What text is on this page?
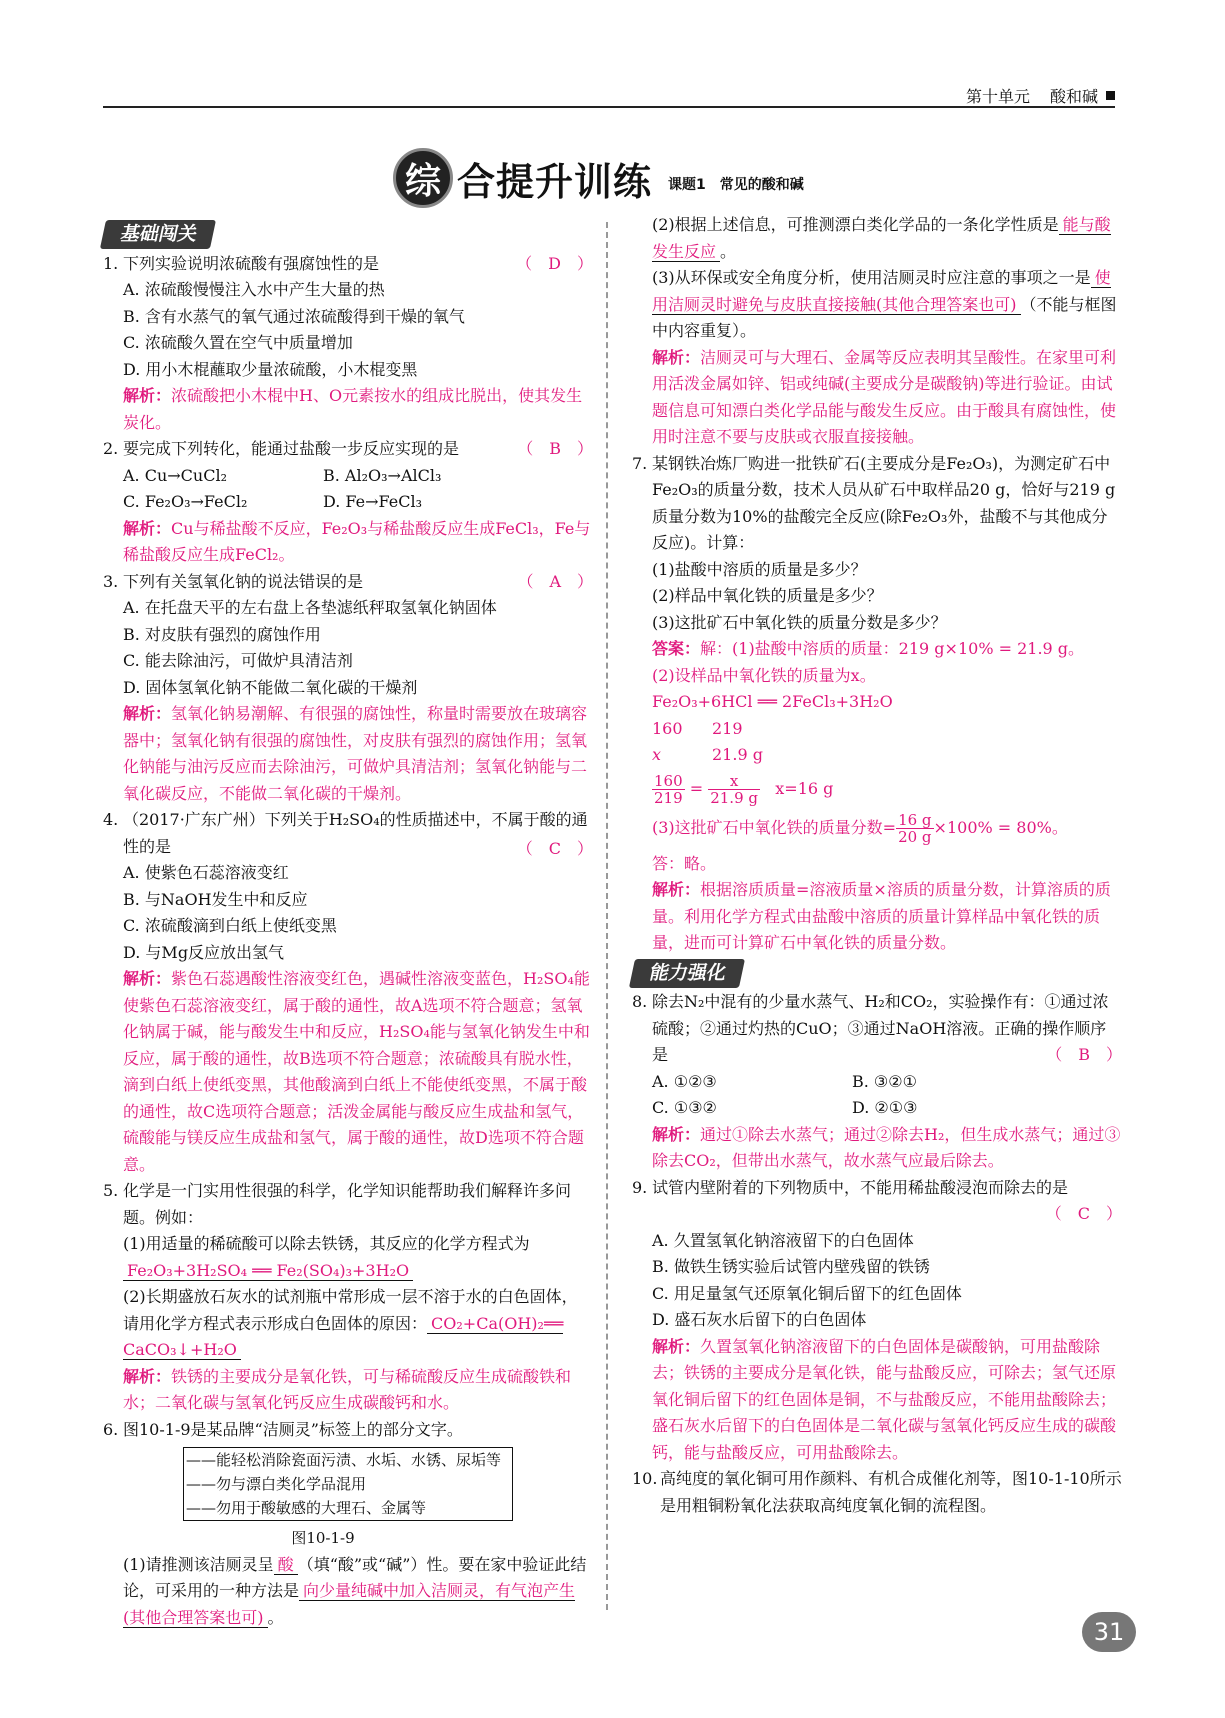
第十单元 酸和碱
综 合提升训练 课题1　常见的酸和碱
基础闯关
1. 下列实验说明浓硫酸有强腐蚀性的是	（　D　）
A. 浓硫酸慢慢注入水中产生大量的热
B. 含有水蒸气的氧气通过浓硫酸得到干燥的氧气
C. 浓硫酸久置在空气中质量增加
D. 用小木棍蘸取少量浓硫酸，小木棍变黑
解析：浓硫酸把小木棍中H、O元素按水的组成比脱出，使其发生炭化。
2. 要完成下列转化，能通过盐酸一步反应实现的是	（　B　）
A. Cu→CuCl₂	B. Al₂O₃→AlCl₃
C. Fe₂O₃→FeCl₂	D. Fe→FeCl₃
解析：Cu与稀盐酸不反应，Fe₂O₃与稀盐酸反应生成FeCl₃，Fe与稀盐酸反应生成FeCl₂。
3. 下列有关氢氧化钠的说法错误的是	（　A　）
A. 在托盘天平的左右盘上各垫滤纸秤取氢氧化钠固体
B. 对皮肤有强烈的腐蚀作用
C. 能去除油污，可做炉具清洁剂
D. 固体氢氧化钠不能做二氧化碳的干燥剂
解析：氢氧化钠易潮解、有很强的腐蚀性，称量时需要放在玻璃容器中；氢氧化钠有很强的腐蚀性，对皮肤有强烈的腐蚀作用；氢氧化钠能与油污反应而去除油污，可做炉具清洁剂；氢氧化钠能与二氧化碳反应，不能做二氧化碳的干燥剂。
4. （2017·广东广州）下列关于H₂SO₄的性质描述中，不属于酸的通性的是	（　C　）
A. 使紫色石蕊溶液变红
B. 与NaOH发生中和反应
C. 浓硫酸滴到白纸上使纸变黑
D. 与Mg反应放出氢气
解析：紫色石蕊遇酸性溶液变红色，遇碱性溶液变蓝色，H₂SO₄能使紫色石蕊溶液变红，属于酸的通性，故A选项不符合题意；氢氧化钠属于碱，能与酸发生中和反应，H₂SO₄能与氢氧化钠发生中和反应，属于酸的通性，故B选项不符合题意；浓硫酸具有脱水性，滴到白纸上使纸变黑，其他酸滴到白纸上不能使纸变黑，不属于酸的通性，故C选项符合题意；活泼金属能与酸反应生成盐和氢气，硫酸能与镁反应生成盐和氢气，属于酸的通性，故D选项不符合题意。
5. 化学是一门实用性很强的科学，化学知识能帮助我们解释许多问题。例如：
(1)用适量的稀硫酸可以除去铁锈，其反应的化学方程式为
Fe₂O₃+3H₂SO₄ ══ Fe₂(SO₄)₃+3H₂O
(2)长期盛放石灰水的试剂瓶中常形成一层不溶于水的白色固体，请用化学方程式表示形成白色固体的原因： CO₂+Ca(OH)₂══ CaCO₃↓+H₂O
解析：铁锈的主要成分是氧化铁，可与稀硫酸反应生成硫酸铁和水；二氧化碳与氢氧化钙反应生成碳酸钙和水。
6. 图10-1-9是某品牌“洁厕灵”标签上的部分文字。
——能轻松消除瓷面污渍、水垢、水锈、尿垢等
——勿与漂白类化学品混用
——勿用于酸敏感的大理石、金属等
图10-1-9
(1)请推测该洁厕灵呈 酸 （填“酸”或“碱”）性。要在家中验证此结论，可采用的一种方法是 向少量纯碱中加入洁厕灵，有气泡产生(其他合理答案也可) 。
(2)根据上述信息，可推测漂白类化学品的一条化学性质是 能与酸发生反应 。
(3)从环保或安全角度分析，使用洁厕灵时应注意的事项之一是 使用洁厕灵时避免与皮肤直接接触(其他合理答案也可) （不能与框图中内容重复）。
解析：洁厕灵可与大理石、金属等反应表明其呈酸性。在家里可利用活泼金属如锌、铝或纯碱(主要成分是碳酸钠)等进行验证。由试题信息可知漂白类化学品能与酸发生反应。由于酸具有腐蚀性，使用时注意不要与皮肤或衣服直接接触。
7. 某钢铁冶炼厂购进一批铁矿石(主要成分是Fe₂O₃)，为测定矿石中Fe₂O₃的质量分数，技术人员从矿石中取样品20 g，恰好与219 g质量分数为10%的盐酸完全反应(除Fe₂O₃外，盐酸不与其他成分反应)。计算：
(1)盐酸中溶质的质量是多少？
(2)样品中氧化铁的质量是多少？
(3)这批矿石中氧化铁的质量分数是多少？
答案：解：(1)盐酸中溶质的质量：219 g×10% = 21.9 g。
(2)设样品中氧化铁的质量为x。
Fe₂O₃+6HCl ══ 2FeCl₃+3H₂O
160	219
x	21.9 g
$\frac{160}{219} = \frac{x}{21.9 g} x=16$ g
(3)这批矿石中氧化铁的质量分数= $\frac{16 g}{20 g} \times 100\% = 80\%$。
答：略。
解析：根据溶质质量=溶液质量×溶质的质量分数，计算溶质的质量。利用化学方程式由盐酸中溶质的质量计算样品中氧化铁的质量，进而可计算矿石中氧化铁的质量分数。
能力强化
8. 除去N₂中混有的少量水蒸气、H₂和CO₂，实验操作有：①通过浓硫酸；②通过灼热的CuO；③通过NaOH溶液。正确的操作顺序是	（　B　）
A. ①②③	B. ③②①
C. ①③②	D. ②①③
解析：通过①除去水蒸气；通过②除去H₂，但生成水蒸气；通过③除去CO₂，但带出水蒸气，故水蒸气应最后除去。
9. 试管内壁附着的下列物质中，不能用稀盐酸浸泡而除去的是
（　C　）
A. 久置氢氧化钠溶液留下的白色固体
B. 做铁生锈实验后试管内壁残留的铁锈
C. 用足量氢气还原氧化铜后留下的红色固体
D. 盛石灰水后留下的白色固体
解析：久置氢氧化钠溶液留下的白色固体是碳酸钠，可用盐酸除去；铁锈的主要成分是氧化铁，能与盐酸反应，可除去；氢气还原氧化铜后留下的红色固体是铜，不与盐酸反应，不能用盐酸除去；盛石灰水后留下的白色固体是二氧化碳与氢氧化钙反应生成的碳酸钙，能与盐酸反应，可用盐酸除去。
10. 高纯度的氧化铜可用作颜料、有机合成催化剂等，图10-1-10所示是用粗铜粉氧化法获取高纯度氧化铜的流程图。
31
